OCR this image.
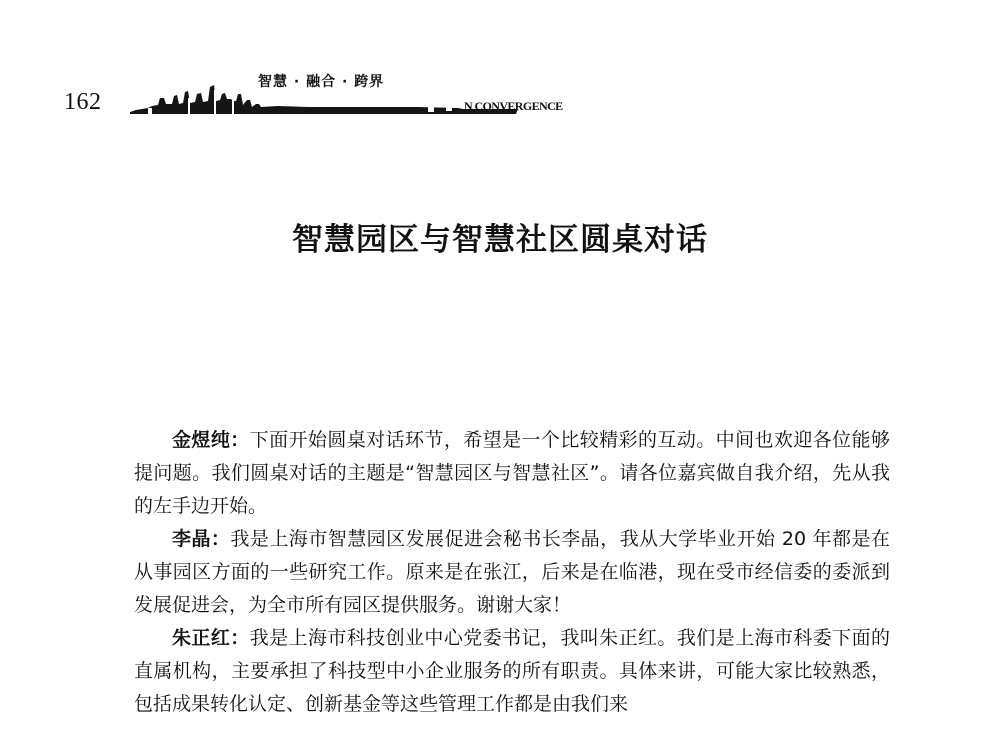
162
智慧 · 融合 · 跨界
N CONVERGENCE
智慧园区与智慧社区圆桌对话

金煜纯：下面开始圆桌对话环节，希望是一个比较精彩的互动。中间也欢迎各位能够提问题。我们圆桌对话的主题是“智慧园区与智慧社区”。请各位嘉宾做自我介绍，先从我的左手边开始。

李晶：我是上海市智慧园区发展促进会秘书长李晶，我从大学毕业开始 20 年都是在从事园区方面的一些研究工作。原来是在张江，后来是在临港，现在受市经信委的委派到发展促进会，为全市所有园区提供服务。谢谢大家！

朱正红：我是上海市科技创业中心党委书记，我叫朱正红。我们是上海市科委下面的直属机构，主要承担了科技型中小企业服务的所有职责。具体来讲，可能大家比较熟悉，包括成果转化认定、创新基金等这些管理工作都是由我们来
